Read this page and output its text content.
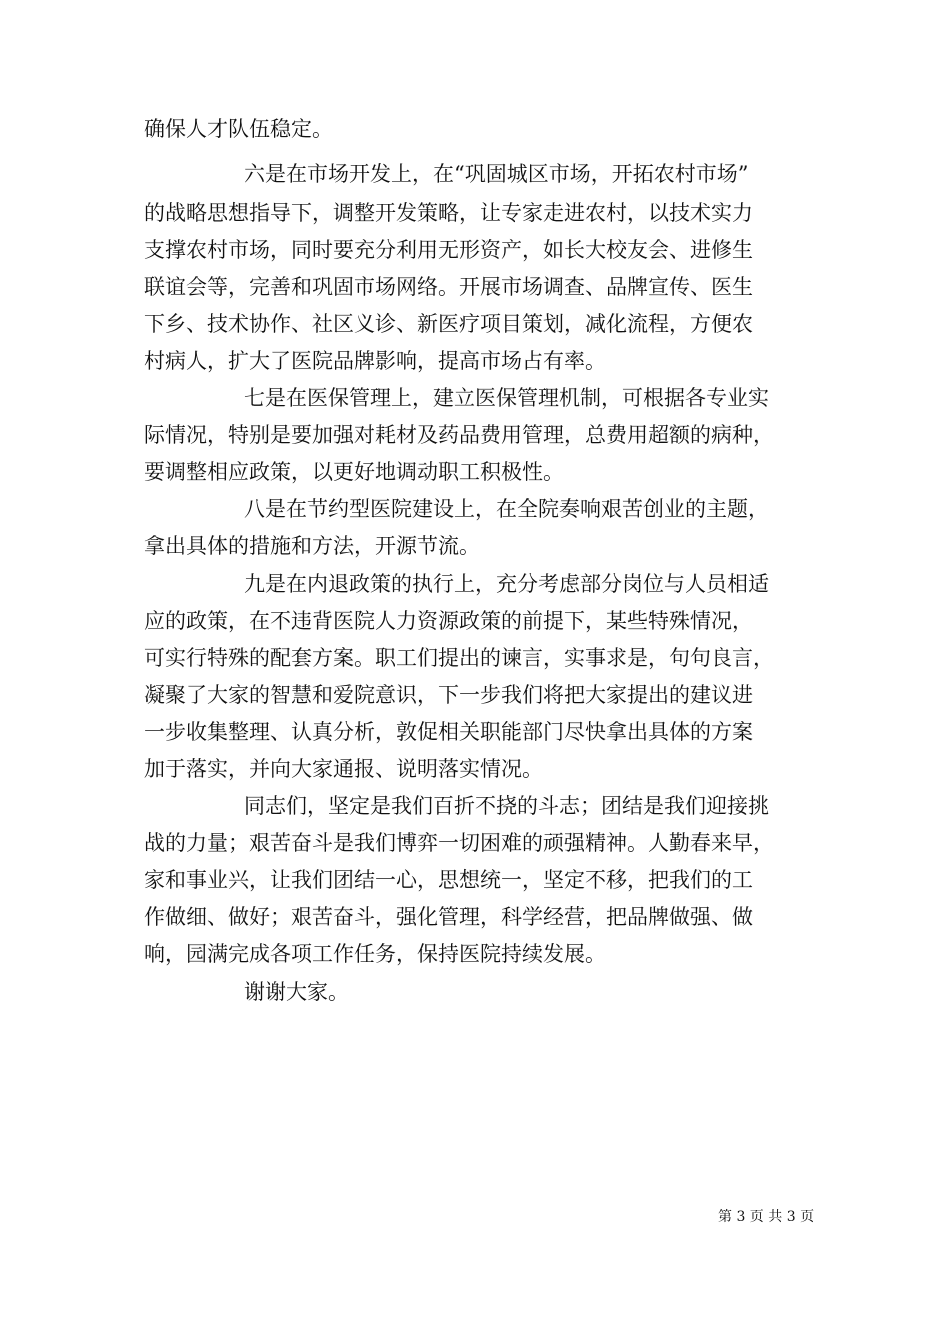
确保人才队伍稳定。
六是在市场开发上，在“巩固城区市场，开拓农村市场”
的战略思想指导下，调整开发策略，让专家走进农村，以技术实力
支撑农村市场，同时要充分利用无形资产，如长大校友会、进修生
联谊会等，完善和巩固市场网络。开展市场调查、品牌宣传、医生
下乡、技术协作、社区义诊、新医疗项目策划，减化流程，方便农
村病人，扩大了医院品牌影响，提高市场占有率。
七是在医保管理上，建立医保管理机制，可根据各专业实
际情况，特别是要加强对耗材及药品费用管理，总费用超额的病种，
要调整相应政策，以更好地调动职工积极性。
八是在节约型医院建设上，在全院奏响艰苦创业的主题，
拿出具体的措施和方法，开源节流。
九是在内退政策的执行上，充分考虑部分岗位与人员相适
应的政策，在不违背医院人力资源政策的前提下，某些特殊情况，
可实行特殊的配套方案。职工们提出的谏言，实事求是，句句良言，
凝聚了大家的智慧和爱院意识，下一步我们将把大家提出的建议进
一步收集整理、认真分析，敦促相关职能部门尽快拿出具体的方案
加于落实，并向大家通报、说明落实情况。
同志们，坚定是我们百折不挠的斗志；团结是我们迎接挑
战的力量；艰苦奋斗是我们博弈一切困难的顽强精神。人勤春来早，
家和事业兴，让我们团结一心，思想统一，坚定不移，把我们的工
作做细、做好；艰苦奋斗，强化管理，科学经营，把品牌做强、做
响，园满完成各项工作任务，保持医院持续发展。
谢谢大家。
第 3 页 共 3 页
